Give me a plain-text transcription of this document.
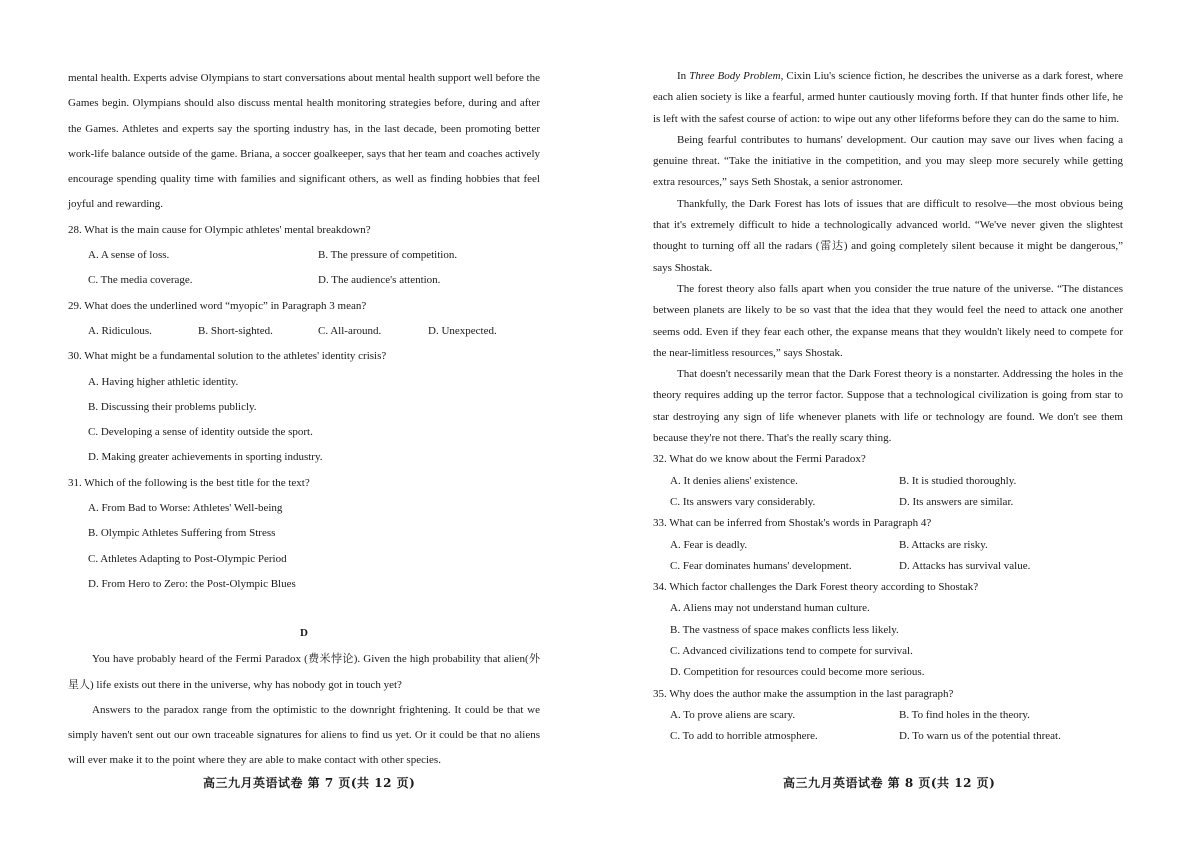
mental health. Experts advise Olympians to start conversations about mental health support well before the Games begin. Olympians should also discuss mental health monitoring strategies before, during and after the Games. Athletes and experts say the sporting industry has, in the last decade, been promoting better work-life balance outside of the game. Briana, a soccer goalkeeper, says that her team and coaches actively encourage spending quality time with families and significant others, as well as finding hobbies that feel joyful and rewarding.

28. What is the main cause for Olympic athletes' mental breakdown?

A. A sense of loss.	B. The pressure of competition.
C. The media coverage.	D. The audience's attention.

29. What does the underlined word “myopic” in Paragraph 3 mean?

A. Ridiculous.	B. Short-sighted.	C. All-around.	D. Unexpected.

30. What might be a fundamental solution to the athletes' identity crisis?

A. Having higher athletic identity.
B. Discussing their problems publicly.
C. Developing a sense of identity outside the sport.
D. Making greater achievements in sporting industry.

31. Which of the following is the best title for the text?

A. From Bad to Worse: Athletes' Well-being
B. Olympic Athletes Suffering from Stress
C. Athletes Adapting to Post-Olympic Period
D. From Hero to Zero: the Post-Olympic Blues
D

You have probably heard of the Fermi Paradox (费米悖论). Given the high probability that alien(外星人) life exists out there in the universe, why has nobody got in touch yet?

Answers to the paradox range from the optimistic to the downright frightening. It could be that we simply haven't sent out our own traceable signatures for aliens to find us yet. Or it could be that no aliens will ever make it to the point where they are able to make contact with other species.

高三九月英语试卷 第 7 页(共 12 页)

In Three Body Problem, Cixin Liu's science fiction, he describes the universe as a dark forest, where each alien society is like a fearful, armed hunter cautiously moving forth. If that hunter finds other life, he is left with the safest course of action: to wipe out any other lifeforms before they can do the same to him.

Being fearful contributes to humans' development. Our caution may save our lives when facing a genuine threat. “Take the initiative in the competition, and you may sleep more securely while getting extra resources,” says Seth Shostak, a senior astronomer.

Thankfully, the Dark Forest has lots of issues that are difficult to resolve—the most obvious being that it's extremely difficult to hide a technologically advanced world. “We've never given the slightest thought to turning off all the radars (雷达) and going completely silent because it might be dangerous,” says Shostak.

The forest theory also falls apart when you consider the true nature of the universe. “The distances between planets are likely to be so vast that the idea that they would feel the need to attack one another seems odd. Even if they fear each other, the expanse means that they wouldn't likely need to compete for the near-limitless resources,” says Shostak.

That doesn't necessarily mean that the Dark Forest theory is a nonstarter. Addressing the holes in the theory requires adding up the terror factor. Suppose that a technological civilization is going from star to star destroying any sign of life whenever planets with life or technology are found. We don't see them because they're not there. That's the really scary thing.

32. What do we know about the Fermi Paradox?

A. It denies aliens' existence.	B. It is studied thoroughly.
C. Its answers vary considerably.	D. Its answers are similar.

33. What can be inferred from Shostak's words in Paragraph 4?

A. Fear is deadly.	B. Attacks are risky.
C. Fear dominates humans' development.	D. Attacks has survival value.

34. Which factor challenges the Dark Forest theory according to Shostak?

A. Aliens may not understand human culture.
B. The vastness of space makes conflicts less likely.
C. Advanced civilizations tend to compete for survival.
D. Competition for resources could become more serious.

35. Why does the author make the assumption in the last paragraph?

A. To prove aliens are scary.	B. To find holes in the theory.
C. To add to horrible atmosphere.	D. To warn us of the potential threat.
高三九月英语试卷 第 8 页(共 12 页)
